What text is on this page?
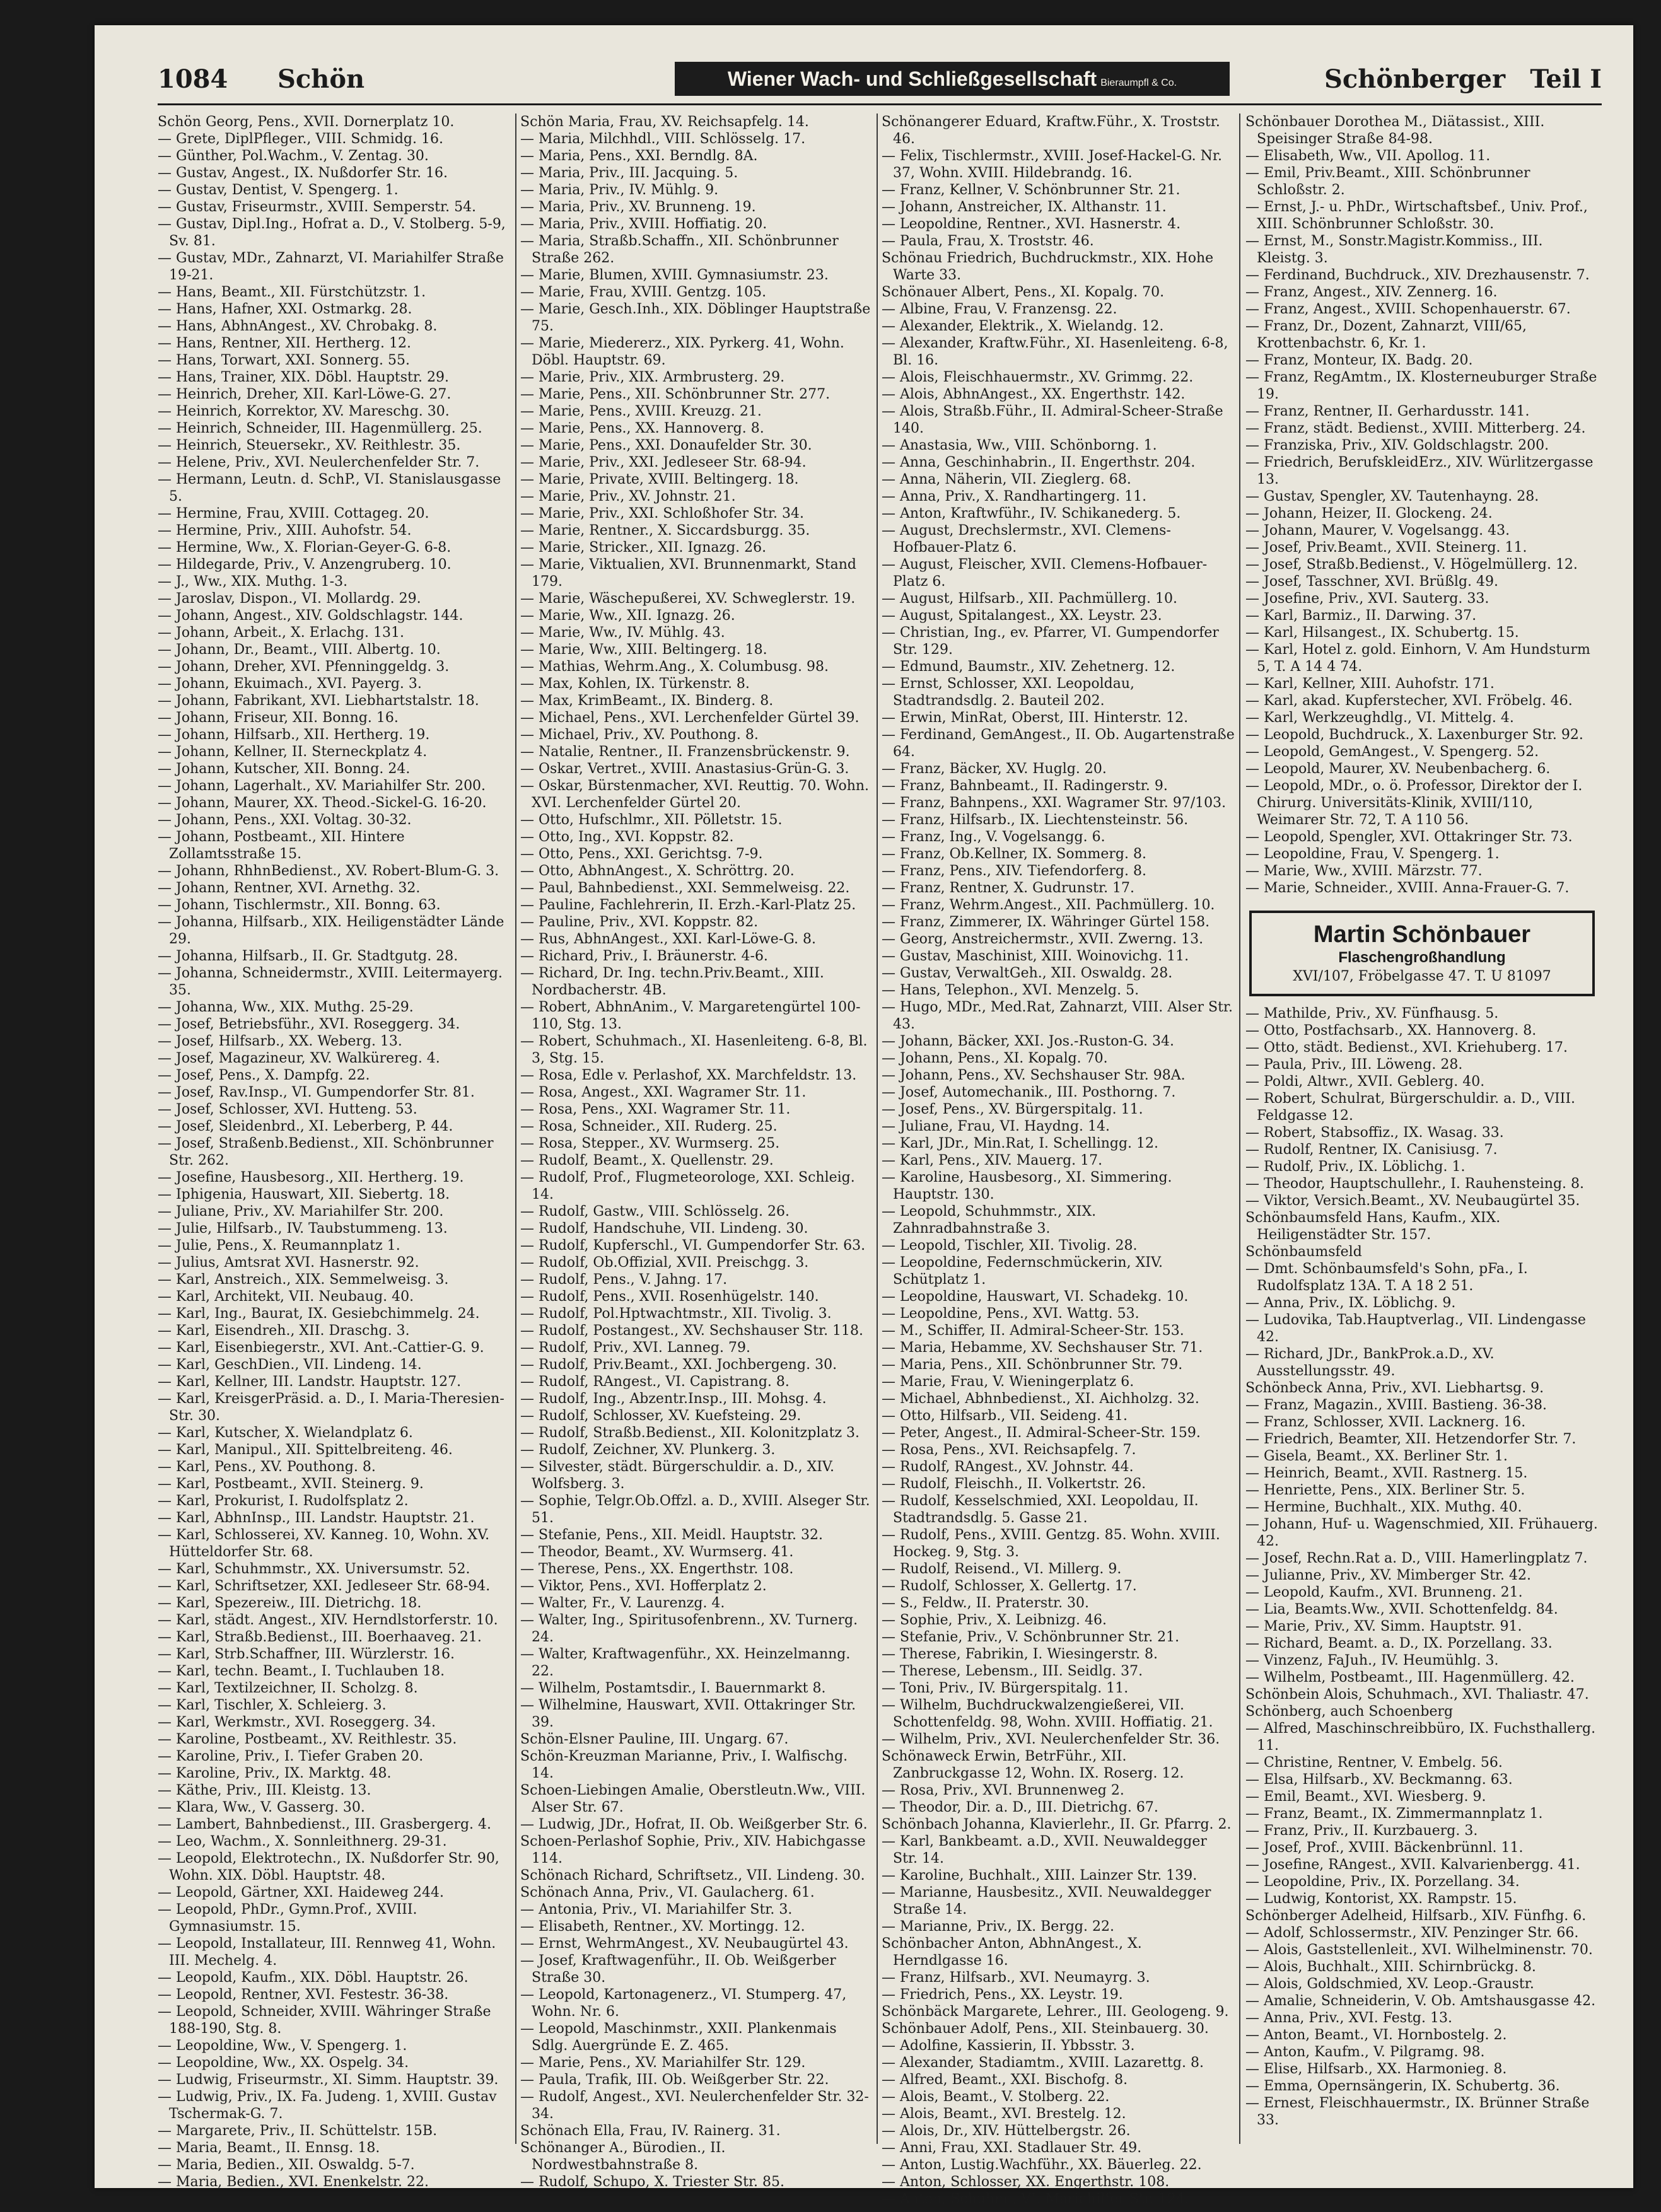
1084 Schön	Wiener Wach- und Schließgesellschaft Bieraumpfl & Co.	Schönberger Teil I

Schön Georg, Pens., XVII. Dornerplatz 10.

— Grete, DiplPfleger., VIII. Schmidg. 16.

— Günther, Pol.Wachm., V. Zentag. 30.

— Gustav, Angest., IX. Nußdorfer Str. 16.

— Gustav, Dentist, V. Spengerg. 1.

— Gustav, Friseurmstr., XVIII. Semperstr. 54.

— Gustav, Dipl.Ing., Hofrat a. D., V. Stolberg. 5-9, Sv. 81.

— Gustav, MDr., Zahnarzt, VI. Mariahilfer Straße 19-21.

— Hans, Beamt., XII. Fürstchützstr. 1.

— Hans, Hafner, XXI. Ostmarkg. 28.

— Hans, AbhnAngest., XV. Chrobakg. 8.

— Hans, Rentner, XII. Hertherg. 12.

— Hans, Torwart, XXI. Sonnerg. 55.

— Hans, Trainer, XIX. Döbl. Hauptstr. 29.

— Heinrich, Dreher, XII. Karl-Löwe-G. 27.

— Heinrich, Korrektor, XV. Mareschg. 30.

— Heinrich, Schneider, III. Hagenmüllerg. 25.

— Heinrich, Steuersekr., XV. Reithlestr. 35.

— Helene, Priv., XVI. Neulerchenfelder Str. 7.

— Hermann, Leutn. d. SchP., VI. Stanislausgasse 5.

— Hermine, Frau, XVIII. Cottageg. 20.

— Hermine, Priv., XIII. Auhofstr. 54.

— Hermine, Ww., X. Florian-Geyer-G. 6-8.

— Hildegarde, Priv., V. Anzengruberg. 10.

— J., Ww., XIX. Muthg. 1-3.

— Jaroslav, Dispon., VI. Mollardg. 29.

— Johann, Angest., XIV. Goldschlagstr. 144.

— Johann, Arbeit., X. Erlachg. 131.

— Johann, Dr., Beamt., VIII. Albertg. 10.

— Johann, Dreher, XVI. Pfenninggeldg. 3.

— Johann, Ekuimach., XVI. Payerg. 3.

— Johann, Fabrikant, XVI. Liebhartstalstr. 18.

— Johann, Friseur, XII. Bonng. 16.

— Johann, Hilfsarb., XII. Hertherg. 19.

— Johann, Kellner, II. Sterneckplatz 4.

— Johann, Kutscher, XII. Bonng. 24.

— Johann, Lagerhalt., XV. Mariahilfer Str. 200.

— Johann, Maurer, XX. Theod.-Sickel-G. 16-20.

— Johann, Pens., XXI. Voltag. 30-32.

— Johann, Postbeamt., XII. Hintere Zollamtsstraße 15.

— Johann, RhhnBedienst., XV. Robert-Blum-G. 3.

— Johann, Rentner, XVI. Arnethg. 32.

— Johann, Tischlermstr., XII. Bonng. 63.

— Johanna, Hilfsarb., XIX. Heiligenstädter Lände 29.

— Johanna, Hilfsarb., II. Gr. Stadtgutg. 28.

— Johanna, Schneidermstr., XVIII. Leitermayerg. 35.

— Johanna, Ww., XIX. Muthg. 25-29.

— Josef, Betriebsführ., XVI. Roseggerg. 34.

— Josef, Hilfsarb., XX. Weberg. 13.

— Josef, Magazineur, XV. Walkürereg. 4.

— Josef, Pens., X. Dampfg. 22.

— Josef, Rav.Insp., VI. Gumpendorfer Str. 81.

— Josef, Schlosser, XVI. Hutteng. 53.

— Josef, Sleidenbrd., XI. Leberberg, P. 44.

— Josef, Straßenb.Bedienst., XII. Schönbrunner Str. 262.

— Josefine, Hausbesorg., XII. Hertherg. 19.

— Iphigenia, Hauswart, XII. Siebertg. 18.

— Juliane, Priv., XV. Mariahilfer Str. 200.

— Julie, Hilfsarb., IV. Taubstummeng. 13.

— Julie, Pens., X. Reumannplatz 1.

— Julius, Amtsrat XVI. Hasnerstr. 92.

— Karl, Anstreich., XIX. Semmelweisg. 3.

— Karl, Architekt, VII. Neubaug. 40.

— Karl, Ing., Baurat, IX. Gesiebchimmelg. 24.

— Karl, Eisendreh., XII. Draschg. 3.

— Karl, Eisenbiegerstr., XVI. Ant.-Cattier-G. 9.

— Karl, GeschDien., VII. Lindeng. 14.

— Karl, Kellner, III. Landstr. Hauptstr. 127.

— Karl, KreisgerPräsid. a. D., I. Maria-Theresien-Str. 30.

— Karl, Kutscher, X. Wielandplatz 6.

— Karl, Manipul., XII. Spittelbreiteng. 46.

— Karl, Pens., XV. Pouthong. 8.

— Karl, Postbeamt., XVII. Steinerg. 9.

— Karl, Prokurist, I. Rudolfsplatz 2.

— Karl, AbhnInsp., III. Landstr. Hauptstr. 21.

— Karl, Schlosserei, XV. Kanneg. 10, Wohn. XV. Hütteldorfer Str. 68.

— Karl, Schuhmmstr., XX. Universumstr. 52.

— Karl, Schriftsetzer, XXI. Jedleseer Str. 68-94.

— Karl, Spezereiw., III. Dietrichg. 18.

— Karl, städt. Angest., XIV. Herndlstorferstr. 10.

— Karl, Straßb.Bedienst., III. Boerhaaveg. 21.

— Karl, Strb.Schaffner, III. Würzlerstr. 16.

— Karl, techn. Beamt., I. Tuchlauben 18.

— Karl, Textilzeichner, II. Scholzg. 8.

— Karl, Tischler, X. Schleierg. 3.

— Karl, Werkmstr., XVI. Roseggerg. 34.

— Karoline, Postbeamt., XV. Reithlestr. 35.

— Karoline, Priv., I. Tiefer Graben 20.

— Karoline, Priv., IX. Marktg. 48.

— Käthe, Priv., III. Kleistg. 13.

— Klara, Ww., V. Gasserg. 30.

— Lambert, Bahnbedienst., III. Grasbergerg. 4.

— Leo, Wachm., X. Sonnleithnerg. 29-31.

— Leopold, Elektrotechn., IX. Nußdorfer Str. 90, Wohn. XIX. Döbl. Hauptstr. 48.

— Leopold, Gärtner, XXI. Haideweg 244.

— Leopold, PhDr., Gymn.Prof., XVIII. Gymnasiumstr. 15.

— Leopold, Installateur, III. Rennweg 41, Wohn. III. Mechelg. 4.

— Leopold, Kaufm., XIX. Döbl. Hauptstr. 26.

— Leopold, Rentner, XVI. Festestr. 36-38.

— Leopold, Schneider, XVIII. Währinger Straße 188-190, Stg. 8.

— Leopoldine, Ww., V. Spengerg. 1.

— Leopoldine, Ww., XX. Ospelg. 34.

— Ludwig, Friseurmstr., XI. Simm. Hauptstr. 39.

— Ludwig, Priv., IX. Fa. Judeng. 1, XVIII. Gustav Tschermak-G. 7.

— Margarete, Priv., II. Schüttelstr. 15B.

— Maria, Beamt., II. Ennsg. 18.

— Maria, Bedien., XII. Oswaldg. 5-7.

— Maria, Bedien., XVI. Enenkelstr. 22.

Schön Maria, Frau, XV. Reichsapfelg. 14.

— Maria, Milchhdl., VIII. Schlösselg. 17.

— Maria, Pens., XXI. Berndlg. 8A.

— Maria, Priv., III. Jacquing. 5.

— Maria, Priv., IV. Mühlg. 9.

— Maria, Priv., XV. Brunneng. 19.

— Maria, Priv., XVIII. Hoffiatig. 20.

— Maria, Straßb.Schaffn., XII. Schönbrunner Straße 262.

— Marie, Blumen, XVIII. Gymnasiumstr. 23.

— Marie, Frau, XVIII. Gentzg. 105.

— Marie, Gesch.Inh., XIX. Döblinger Hauptstraße 75.

— Marie, Miedererz., XIX. Pyrkerg. 41, Wohn. Döbl. Hauptstr. 69.

— Marie, Priv., XIX. Armbrusterg. 29.

— Marie, Pens., XII. Schönbrunner Str. 277.

— Marie, Pens., XVIII. Kreuzg. 21.

— Marie, Pens., XX. Hannoverg. 8.

— Marie, Pens., XXI. Donaufelder Str. 30.

— Marie, Priv., XXI. Jedleseer Str. 68-94.

— Marie, Private, XVIII. Beltingerg. 18.

— Marie, Priv., XV. Johnstr. 21.

— Marie, Priv., XXI. Schloßhofer Str. 34.

— Marie, Rentner., X. Siccardsburgg. 35.

— Marie, Stricker., XII. Ignazg. 26.

— Marie, Viktualien, XVI. Brunnenmarkt, Stand 179.

— Marie, Wäschepußerei, XV. Schweglerstr. 19.

— Marie, Ww., XII. Ignazg. 26.

— Marie, Ww., IV. Mühlg. 43.

— Marie, Ww., XIII. Beltingerg. 18.

— Mathias, Wehrm.Ang., X. Columbusg. 98.

— Max, Kohlen, IX. Türkenstr. 8.

— Max, KrimBeamt., IX. Binderg. 8.

— Michael, Pens., XVI. Lerchenfelder Gürtel 39.

— Michael, Priv., XV. Pouthong. 8.

— Natalie, Rentner., II. Franzensbrückenstr. 9.

— Oskar, Vertret., XVIII. Anastasius-Grün-G. 3.

— Oskar, Bürstenmacher, XVI. Reuttig. 70. Wohn. XVI. Lerchenfelder Gürtel 20.

— Otto, Hufschlmr., XII. Pölletstr. 15.

— Otto, Ing., XVI. Koppstr. 82.

— Otto, Pens., XXI. Gerichtsg. 7-9.

— Otto, AbhnAngest., X. Schröttrg. 20.

— Paul, Bahnbedienst., XXI. Semmelweisg. 22.

— Pauline, Fachlehrerin, II. Erzh.-Karl-Platz 25.

— Pauline, Priv., XVI. Koppstr. 82.

— Rus, AbhnAngest., XXI. Karl-Löwe-G. 8.

— Richard, Priv., I. Bräunerstr. 4-6.

— Richard, Dr. Ing. techn.Priv.Beamt., XIII. Nordbacherstr. 4B.

— Robert, AbhnAnim., V. Margaretengürtel 100-110, Stg. 13.

— Robert, Schuhmach., XI. Hasenleiteng. 6-8, Bl. 3, Stg. 15.

— Rosa, Edle v. Perlashof, XX. Marchfeldstr. 13.

— Rosa, Angest., XXI. Wagramer Str. 11.

— Rosa, Pens., XXI. Wagramer Str. 11.

— Rosa, Schneider., XII. Ruderg. 25.

— Rosa, Stepper., XV. Wurmserg. 25.

— Rudolf, Beamt., X. Quellenstr. 29.

— Rudolf, Prof., Flugmeteorologe, XXI. Schleig. 14.

— Rudolf, Gastw., VIII. Schlösselg. 26.

— Rudolf, Handschuhe, VII. Lindeng. 30.

— Rudolf, Kupferschl., VI. Gumpendorfer Str. 63.

— Rudolf, Ob.Offizial, XVII. Preischgg. 3.

— Rudolf, Pens., V. Jahng. 17.

— Rudolf, Pens., XVII. Rosenhügelstr. 140.

— Rudolf, Pol.Hptwachtmstr., XII. Tivolig. 3.

— Rudolf, Postangest., XV. Sechshauser Str. 118.

— Rudolf, Priv., XVI. Lanneg. 79.

— Rudolf, Priv.Beamt., XXI. Jochbergeng. 30.

— Rudolf, RAngest., VI. Capistrang. 8.

— Rudolf, Ing., Abzentr.Insp., III. Mohsg. 4.

— Rudolf, Schlosser, XV. Kuefsteing. 29.

— Rudolf, Straßb.Bedienst., XII. Kolonitzplatz 3.

— Rudolf, Zeichner, XV. Plunkerg. 3.

— Silvester, städt. Bürgerschuldir. a. D., XIV. Wolfsberg. 3.

— Sophie, Telgr.Ob.Offzl. a. D., XVIII. Alseger Str. 51.

— Stefanie, Pens., XII. Meidl. Hauptstr. 32.

— Theodor, Beamt., XV. Wurmserg. 41.

— Therese, Pens., XX. Engerthstr. 108.

— Viktor, Pens., XVI. Hofferplatz 2.

— Walter, Fr., V. Laurenzg. 4.

— Walter, Ing., Spiritusofenbrenn., XV. Turnerg. 24.

— Walter, Kraftwagenführ., XX. Heinzelmanng. 22.

— Wilhelm, Postamtsdir., I. Bauernmarkt 8.

— Wilhelmine, Hauswart, XVII. Ottakringer Str. 39.

Schön-Elsner Pauline, III. Ungarg. 67.

Schön-Kreuzman Marianne, Priv., I. Walfischg. 14.

Schoen-Liebingen Amalie, Oberstleutn.Ww., VIII. Alser Str. 67.

— Ludwig, JDr., Hofrat, II. Ob. Weißgerber Str. 6.

Schoen-Perlashof Sophie, Priv., XIV. Habichgasse 114.

Schönach Richard, Schriftsetz., VII. Lindeng. 30.

Schönach Anna, Priv., VI. Gaulacherg. 61.

— Antonia, Priv., VI. Mariahilfer Str. 3.

— Elisabeth, Rentner., XV. Mortingg. 12.

— Ernst, WehrmAngest., XV. Neubaugürtel 43.

— Josef, Kraftwagenführ., II. Ob. Weißgerber Straße 30.

— Leopold, Kartonagenerz., VI. Stumperg. 47, Wohn. Nr. 6.

— Leopold, Maschinmstr., XXII. Plankenmais Sdlg. Auergründe E. Z. 465.

— Marie, Pens., XV. Mariahilfer Str. 129.

— Paula, Trafik, III. Ob. Weißgerber Str. 22.

— Rudolf, Angest., XVI. Neulerchenfelder Str. 32-34.

Schönach Ella, Frau, IV. Rainerg. 31.

Schönanger A., Bürodien., II. Nordwestbahnstraße 8.

— Rudolf, Schupo, X. Triester Str. 85.

Schönangerer Eduard, Kraftw.Führ., X. Troststr. 46.

— Felix, Tischlermstr., XVIII. Josef-Hackel-G. Nr. 37, Wohn. XVIII. Hildebrandg. 16.

— Franz, Kellner, V. Schönbrunner Str. 21.

— Johann, Anstreicher, IX. Althanstr. 11.

— Leopoldine, Rentner., XVI. Hasnerstr. 4.

— Paula, Frau, X. Troststr. 46.

Schönau Friedrich, Buchdruckmstr., XIX. Hohe Warte 33.

Schönauer Albert, Pens., XI. Kopalg. 70.

— Albine, Frau, V. Franzensg. 22.

— Alexander, Elektrik., X. Wielandg. 12.

— Alexander, Kraftw.Führ., XI. Hasenleiteng. 6-8, Bl. 16.

— Alois, Fleischhauermstr., XV. Grimmg. 22.

— Alois, AbhnAngest., XX. Engerthstr. 142.

— Alois, Straßb.Führ., II. Admiral-Scheer-Straße 140.

— Anastasia, Ww., VIII. Schönborng. 1.

— Anna, Geschinhabrin., II. Engerthstr. 204.

— Anna, Näherin, VII. Zieglerg. 68.

— Anna, Priv., X. Randhartingerg. 11.

— Anton, Kraftwführ., IV. Schikanederg. 5.

— August, Drechslermstr., XVI. Clemens-Hofbauer-Platz 6.

— August, Fleischer, XVII. Clemens-Hofbauer-Platz 6.

— August, Hilfsarb., XII. Pachmüllerg. 10.

— August, Spitalangest., XX. Leystr. 23.

— Christian, Ing., ev. Pfarrer, VI. Gumpendorfer Str. 129.

— Edmund, Baumstr., XIV. Zehetnerg. 12.

— Ernst, Schlosser, XXI. Leopoldau, Stadtrandsdlg. 2. Bauteil 202.

— Erwin, MinRat, Oberst, III. Hinterstr. 12.

— Ferdinand, GemAngest., II. Ob. Augartenstraße 64.

— Franz, Bäcker, XV. Huglg. 20.

— Franz, Bahnbeamt., II. Radingerstr. 9.

— Franz, Bahnpens., XXI. Wagramer Str. 97/103.

— Franz, Hilfsarb., IX. Liechtensteinstr. 56.

— Franz, Ing., V. Vogelsangg. 6.

— Franz, Ob.Kellner, IX. Sommerg. 8.

— Franz, Pens., XIV. Tiefendorferg. 8.

— Franz, Rentner, X. Gudrunstr. 17.

— Franz, Wehrm.Angest., XII. Pachmüllerg. 10.

— Franz, Zimmerer, IX. Währinger Gürtel 158.

— Georg, Anstreichermstr., XVII. Zwerng. 13.

— Gustav, Maschinist, XIII. Woinovichg. 11.

— Gustav, VerwaltGeh., XII. Oswaldg. 28.

— Hans, Telephon., XVI. Menzelg. 5.

— Hugo, MDr., Med.Rat, Zahnarzt, VIII. Alser Str. 43.

— Johann, Bäcker, XXI. Jos.-Ruston-G. 34.

— Johann, Pens., XI. Kopalg. 70.

— Johann, Pens., XV. Sechshauser Str. 98A.

— Josef, Automechanik., III. Posthorng. 7.

— Josef, Pens., XV. Bürgerspitalg. 11.

— Juliane, Frau, VI. Haydng. 14.

— Karl, JDr., Min.Rat, I. Schellingg. 12.

— Karl, Pens., XIV. Mauerg. 17.

— Karoline, Hausbesorg., XI. Simmering. Hauptstr. 130.

— Leopold, Schuhmmstr., XIX. Zahnradbahnstraße 3.

— Leopold, Tischler, XII. Tivolig. 28.

— Leopoldine, Federnschmückerin, XIV. Schütplatz 1.

— Leopoldine, Hauswart, VI. Schadekg. 10.

— Leopoldine, Pens., XVI. Wattg. 53.

— M., Schiffer, II. Admiral-Scheer-Str. 153.

— Maria, Hebamme, XV. Sechshauser Str. 71.

— Maria, Pens., XII. Schönbrunner Str. 79.

— Marie, Frau, V. Wieningerplatz 6.

— Michael, Abhnbedienst., XI. Aichholzg. 32.

— Otto, Hilfsarb., VII. Seideng. 41.

— Peter, Angest., II. Admiral-Scheer-Str. 159.

— Rosa, Pens., XVI. Reichsapfelg. 7.

— Rudolf, RAngest., XV. Johnstr. 44.

— Rudolf, Fleischh., II. Volkertstr. 26.

— Rudolf, Kesselschmied, XXI. Leopoldau, II. Stadtrandsdlg. 5. Gasse 21.

— Rudolf, Pens., XVIII. Gentzg. 85. Wohn. XVIII. Hockeg. 9, Stg. 3.

— Rudolf, Reisend., VI. Millerg. 9.

— Rudolf, Schlosser, X. Gellertg. 17.

— S., Feldw., II. Praterstr. 30.

— Sophie, Priv., X. Leibnizg. 46.

— Stefanie, Priv., V. Schönbrunner Str. 21.

— Therese, Fabrikin, I. Wiesingerstr. 8.

— Therese, Lebensm., III. Seidlg. 37.

— Toni, Priv., IV. Bürgerspitalg. 11.

— Wilhelm, Buchdruckwalzengießerei, VII. Schottenfeldg. 98, Wohn. XVIII. Hoffiatig. 21.

— Wilhelm, Priv., XVI. Neulerchenfelder Str. 36.

Schönaweck Erwin, BetrFühr., XII. Zanbruckgasse 12, Wohn. IX. Roserg. 12.

— Rosa, Priv., XVI. Brunnenweg 2.

— Theodor, Dir. a. D., III. Dietrichg. 67.

Schönbach Johanna, Klavierlehr., II. Gr. Pfarrg. 2.

— Karl, Bankbeamt. a.D., XVII. Neuwaldegger Str. 14.

— Karoline, Buchhalt., XIII. Lainzer Str. 139.

— Marianne, Hausbesitz., XVII. Neuwaldegger Straße 14.

— Marianne, Priv., IX. Bergg. 22.

Schönbacher Anton, AbhnAngest., X. Herndlgasse 16.

— Franz, Hilfsarb., XVI. Neumayrg. 3.

— Friedrich, Pens., XX. Leystr. 19.

Schönbäck Margarete, Lehrer., III. Geologeng. 9.

Schönbauer Adolf, Pens., XII. Steinbauerg. 30.

— Adolfine, Kassierin, II. Ybbsstr. 3.

— Alexander, Stadiamtm., XVIII. Lazarettg. 8.

— Alfred, Beamt., XXI. Bischofg. 8.

— Alois, Beamt., V. Stolberg. 22.

— Alois, Beamt., XVI. Brestelg. 12.

— Alois, Dr., XIV. Hüttelbergstr. 26.

— Anni, Frau, XXI. Stadlauer Str. 49.

— Anton, Lustig.Wachführ., XX. Bäuerleg. 22.

— Anton, Schlosser, XX. Engerthstr. 108.

— Anton, Schuhm., VI. Mariahilfer Str. 124.

Schönbauer Dorothea M., Diätassist., XIII. Speisinger Straße 84-98.

— Elisabeth, Ww., VII. Apollog. 11.

— Emil, Priv.Beamt., XIII. Schönbrunner Schloßstr. 2.

— Ernst, J.- u. PhDr., Wirtschaftsbef., Univ. Prof., XIII. Schönbrunner Schloßstr. 30.

— Ernst, M., Sonstr.Magistr.Kommiss., III. Kleistg. 3.

— Ferdinand, Buchdruck., XIV. Drezhausenstr. 7.

— Franz, Angest., XIV. Zennerg. 16.

— Franz, Angest., XVIII. Schopenhauerstr. 67.

— Franz, Dr., Dozent, Zahnarzt, VIII/65, Krottenbachstr. 6, Kr. 1.

— Franz, Monteur, IX. Badg. 20.

— Franz, RegAmtm., IX. Klosterneuburger Straße 19.

— Franz, Rentner, II. Gerhardusstr. 141.

— Franz, städt. Bedienst., XVIII. Mitterberg. 24.

— Franziska, Priv., XIV. Goldschlagstr. 200.

— Friedrich, BerufskleidErz., XIV. Würlitzergasse 13.

— Gustav, Spengler, XV. Tautenhayng. 28.

— Johann, Heizer, II. Glockeng. 24.

— Johann, Maurer, V. Vogelsangg. 43.

— Josef, Priv.Beamt., XVII. Steinerg. 11.

— Josef, Straßb.Bedienst., V. Högelmüllerg. 12.

— Josef, Tasschner, XVI. Brüßlg. 49.

— Josefine, Priv., XVI. Sauterg. 33.

— Karl, Barmiz., II. Darwing. 37.

— Karl, Hilsangest., IX. Schubertg. 15.

— Karl, Hotel z. gold. Einhorn, V. Am Hundsturm 5, T. A 14 4 74.

— Karl, Kellner, XIII. Auhofstr. 171.

— Karl, akad. Kupferstecher, XVI. Fröbelg. 46.

— Karl, Werkzeughdlg., VI. Mittelg. 4.

— Leopold, Buchdruck., X. Laxenburger Str. 92.

— Leopold, GemAngest., V. Spengerg. 52.

— Leopold, Maurer, XV. Neubenbacherg. 6.

— Leopold, MDr., o. ö. Professor, Direktor der I. Chirurg. Universitäts-Klinik, XVIII/110, Weimarer Str. 72, T. A 110 56.

— Leopold, Spengler, XVI. Ottakringer Str. 73.

— Leopoldine, Frau, V. Spengerg. 1.

— Marie, Ww., XVIII. Märzstr. 77.

— Marie, Schneider., XVIII. Anna-Frauer-G. 7.

Martin Schönbauer
Flaschengroßhandlung
XVI/107, Fröbelgasse 47. T. U 81097

— Mathilde, Priv., XV. Fünfhausg. 5.

— Otto, Postfachsarb., XX. Hannoverg. 8.

— Otto, städt. Bedienst., XVI. Kriehuberg. 17.

— Paula, Priv., III. Löweng. 28.

— Poldi, Altwr., XVII. Geblerg. 40.

— Robert, Schulrat, Bürgerschuldir. a. D., VIII. Feldgasse 12.

— Robert, Stabsoffiz., IX. Wasag. 33.

— Rudolf, Rentner, IX. Canisiusg. 7.

— Rudolf, Priv., IX. Löblichg. 1.

— Theodor, Hauptschullehr., I. Rauhensteing. 8.

— Viktor, Versich.Beamt., XV. Neubaugürtel 35.

Schönbaumsfeld Hans, Kaufm., XIX. Heiligenstädter Str. 157.

Schönbaumsfeld

— Dmt. Schönbaumsfeld's Sohn, pFa., I. Rudolfsplatz 13A. T. A 18 2 51.

— Anna, Priv., IX. Löblichg. 9.

— Ludovika, Tab.Hauptverlag., VII. Lindengasse 42.

— Richard, JDr., BankProk.a.D., XV. Ausstellungsstr. 49.

Schönbeck Anna, Priv., XVI. Liebhartsg. 9.

— Franz, Magazin., XVIII. Bastieng. 36-38.

— Franz, Schlosser, XVII. Lacknerg. 16.

— Friedrich, Beamter, XII. Hetzendorfer Str. 7.

— Gisela, Beamt., XX. Berliner Str. 1.

— Heinrich, Beamt., XVII. Rastnerg. 15.

— Henriette, Pens., XIX. Berliner Str. 5.

— Hermine, Buchhalt., XIX. Muthg. 40.

— Johann, Huf- u. Wagenschmied, XII. Frühauerg. 42.

— Josef, Rechn.Rat a. D., VIII. Hamerlingplatz 7.

— Julianne, Priv., XV. Mimberger Str. 42.

— Leopold, Kaufm., XVI. Brunneng. 21.

— Lia, Beamts.Ww., XVII. Schottenfeldg. 84.

— Marie, Priv., XV. Simm. Hauptstr. 91.

— Richard, Beamt. a. D., IX. Porzellang. 33.

— Vinzenz, FaJuh., IV. Heumühlg. 3.

— Wilhelm, Postbeamt., III. Hagenmüllerg. 42.

Schönbein Alois, Schuhmach., XVI. Thaliastr. 47.

Schönberg, auch Schoenberg

— Alfred, Maschinschreibbüro, IX. Fuchsthallerg. 11.

— Christine, Rentner, V. Embelg. 56.

— Elsa, Hilfsarb., XV. Beckmanng. 63.

— Emil, Beamt., XVI. Wiesberg. 9.

— Franz, Beamt., IX. Zimmermannplatz 1.

— Franz, Priv., II. Kurzbauerg. 3.

— Josef, Prof., XVIII. Bäckenbrünnl. 11.

— Josefine, RAngest., XVII. Kalvarienbergg. 41.

— Leopoldine, Priv., IX. Porzellang. 34.

— Ludwig, Kontorist, XX. Rampstr. 15.

Schönberger Adelheid, Hilfsarb., XIV. Fünfhg. 6.

— Adolf, Schlossermstr., XIV. Penzinger Str. 66.

— Alois, Gaststellenleit., XVI. Wilhelminenstr. 70.

— Alois, Buchhalt., XIII. Schirnbrückg. 8.

— Alois, Goldschmied, XV. Leop.-Graustr.

— Amalie, Schneiderin, V. Ob. Amtshausgasse 42.

— Anna, Priv., XVI. Festg. 13.

— Anton, Beamt., VI. Hornbostelg. 2.

— Anton, Kaufm., V. Pilgramg. 98.

— Elise, Hilfsarb., XX. Harmonieg. 8.

— Emma, Opernsängerin, IX. Schubertg. 36.

— Ernest, Fleischhauermstr., IX. Brünner Straße 33.
